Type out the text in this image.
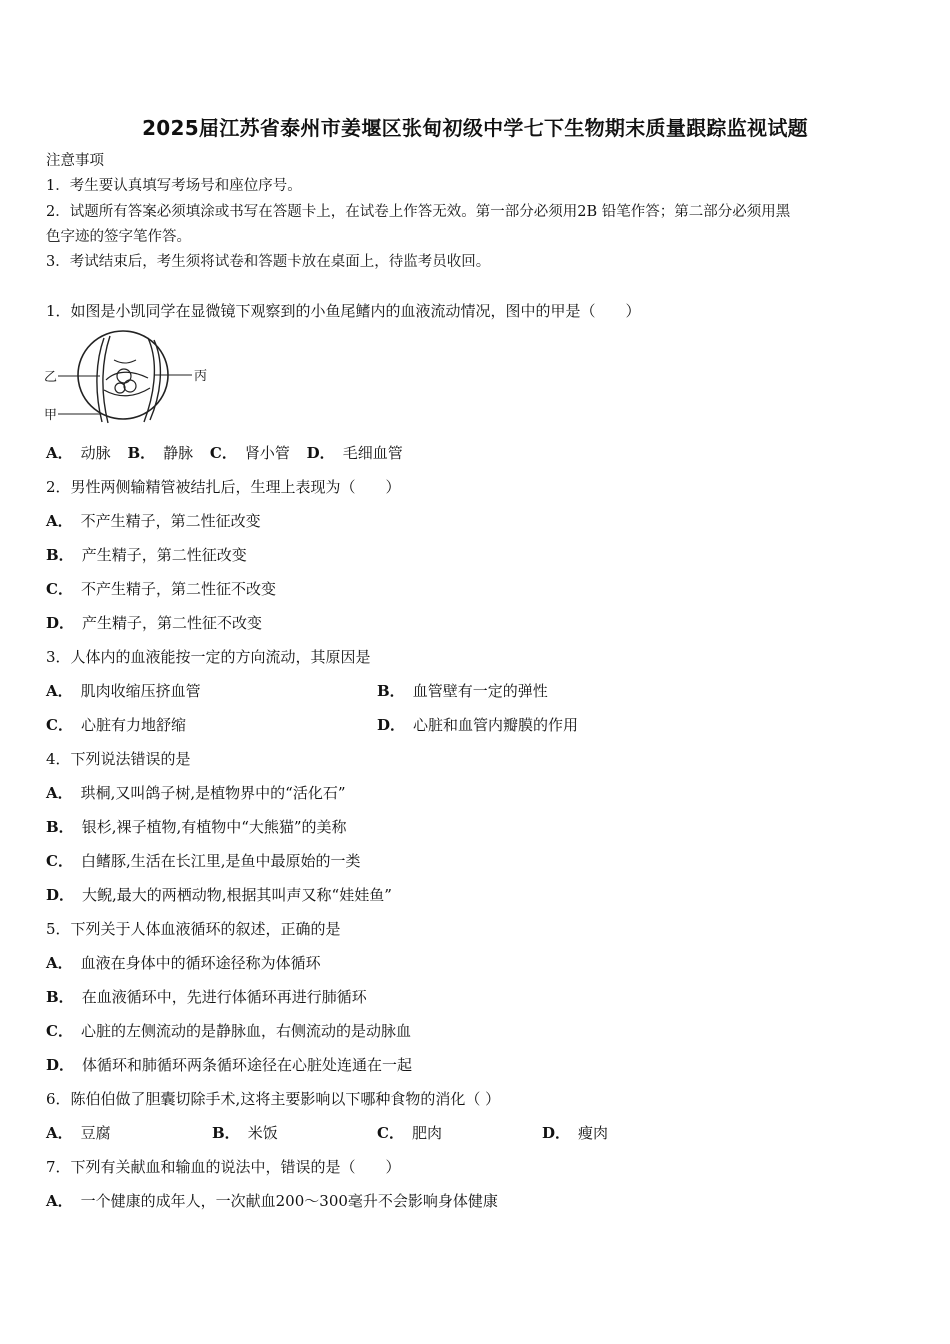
2025届江苏省泰州市姜堰区张甸初级中学七下生物期末质量跟踪监视试题
注意事项
1．考生要认真填写考场号和座位序号。
2．试题所有答案必须填涂或书写在答题卡上，在试卷上作答无效。第一部分必须用2B 铅笔作答；第二部分必须用黑
色字迹的签字笔作答。
3．考试结束后，考生须将试卷和答题卡放在桌面上，待监考员收回。
1．如图是小凯同学在显微镜下观察到的小鱼尾鳍内的血液流动情况，图中的甲是（　　）
乙	丙
甲
A． 动脉 B． 静脉 C． 肾小管 D． 毛细血管
2．男性两侧输精管被结扎后，生理上表现为（　　）
A． 不产生精子，第二性征改变
B． 产生精子，第二性征改变
C． 不产生精子，第二性征不改变
D． 产生精子，第二性征不改变
3．人体内的血液能按一定的方向流动，其原因是
A． 肌肉收缩压挤血管	B． 血管壁有一定的弹性
C． 心脏有力地舒缩	D． 心脏和血管内瓣膜的作用
4．下列说法错误的是
A． 珙桐,又叫鸽子树,是植物界中的“活化石”
B． 银杉,裸子植物,有植物中“大熊猫”的美称
C． 白鳍豚,生活在长江里,是鱼中最原始的一类
D． 大鲵,最大的两栖动物,根据其叫声又称“娃娃鱼”
5．下列关于人体血液循环的叙述，正确的是
A． 血液在身体中的循环途径称为体循环
B． 在血液循环中，先进行体循环再进行肺循环
C． 心脏的左侧流动的是静脉血，右侧流动的是动脉血
D． 体循环和肺循环两条循环途径在心脏处连通在一起
6．陈伯伯做了胆囊切除手术,这将主要影响以下哪种食物的消化（ ）
A． 豆腐	B． 米饭	C． 肥肉	D． 瘦肉
7．下列有关献血和输血的说法中，错误的是（　　）
A． 一个健康的成年人，一次献血200～300毫升不会影响身体健康
